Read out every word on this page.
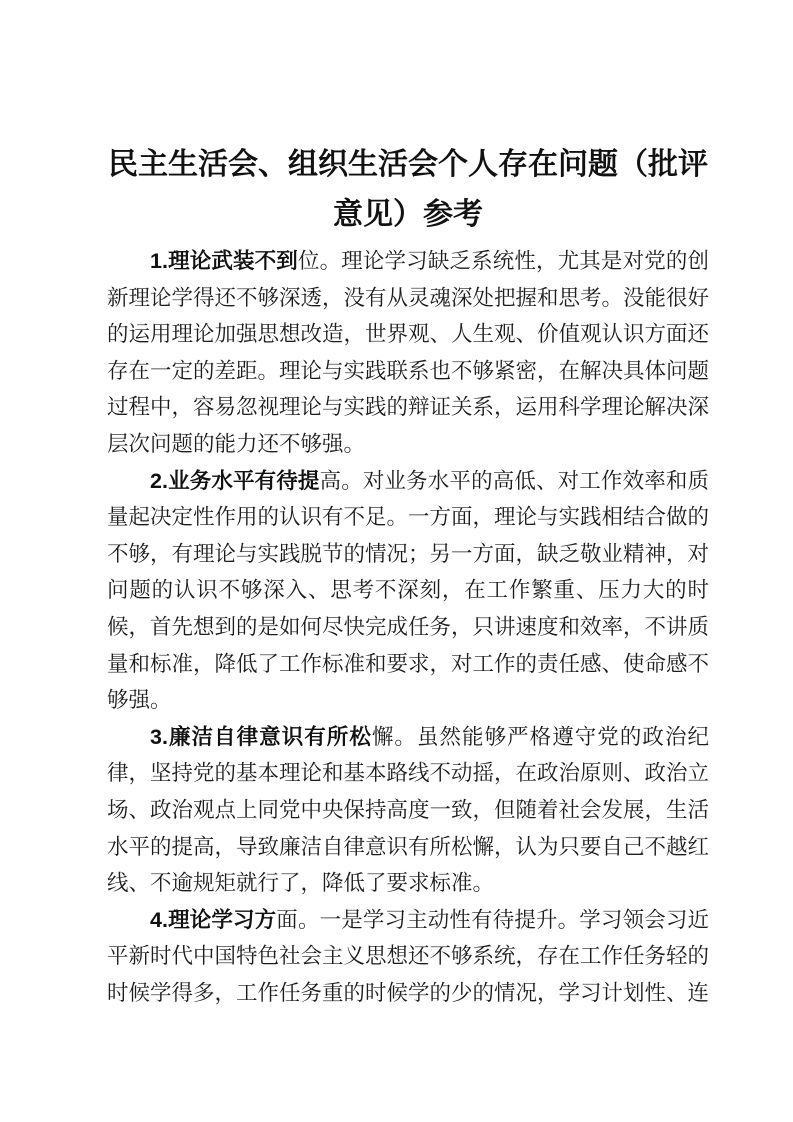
民主生活会、组织生活会个人存在问题（批评意见）参考

1.理论武装不到位。理论学习缺乏系统性，尤其是对党的创新理论学得还不够深透，没有从灵魂深处把握和思考。没能很好的运用理论加强思想改造，世界观、人生观、价值观认识方面还存在一定的差距。理论与实践联系也不够紧密，在解决具体问题过程中，容易忽视理论与实践的辩证关系，运用科学理论解决深层次问题的能力还不够强。

2.业务水平有待提高。对业务水平的高低、对工作效率和质量起决定性作用的认识有不足。一方面，理论与实践相结合做的不够，有理论与实践脱节的情况；另一方面，缺乏敬业精神，对问题的认识不够深入、思考不深刻，在工作繁重、压力大的时候，首先想到的是如何尽快完成任务，只讲速度和效率，不讲质量和标准，降低了工作标准和要求，对工作的责任感、使命感不够强。

3.廉洁自律意识有所松懈。虽然能够严格遵守党的政治纪律，坚持党的基本理论和基本路线不动摇，在政治原则、政治立场、政治观点上同党中央保持高度一致，但随着社会发展，生活水平的提高，导致廉洁自律意识有所松懈，认为只要自己不越红线、不逾规矩就行了，降低了要求标准。

4.理论学习方面。一是学习主动性有待提升。学习领会习近平新时代中国特色社会主义思想还不够系统，存在工作任务轻的时候学得多，工作任务重的时候学的少的情况，学习计划性、连
